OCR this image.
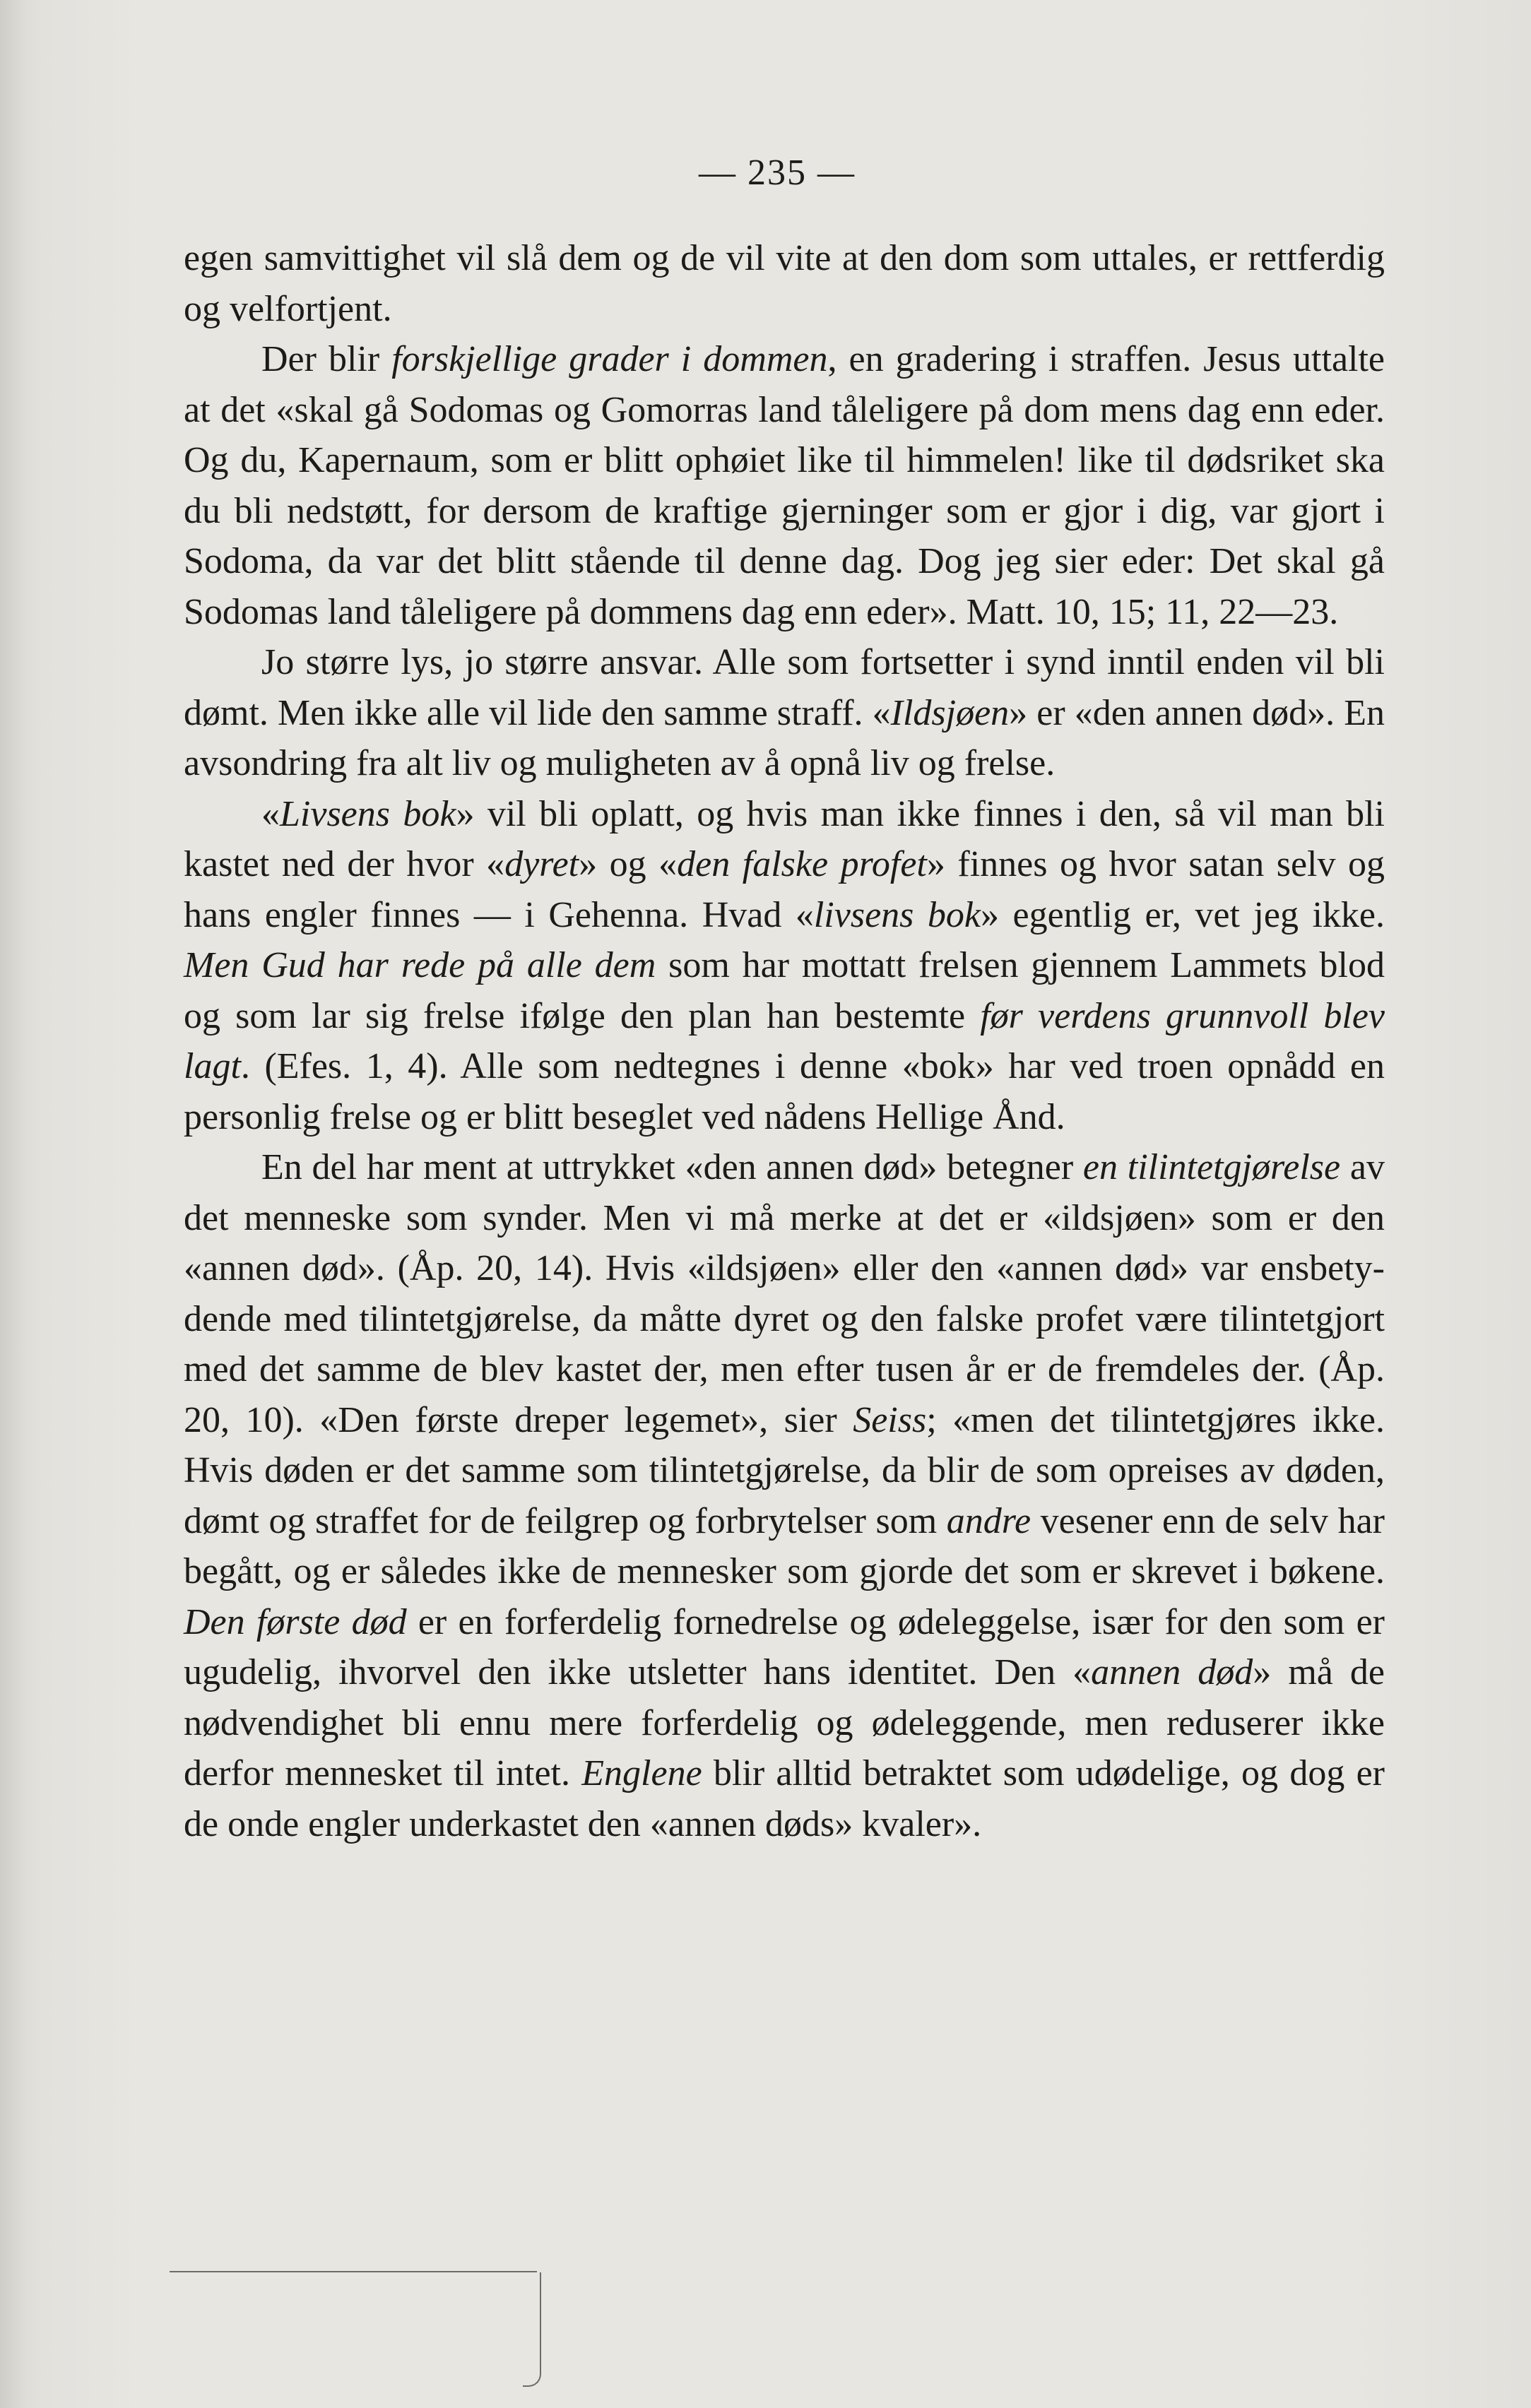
— 235 —

egen samvittighet vil slå dem og de vil vite at den dom som uttales, er rettferdig og velfortjent.

Der blir forskjellige grader i dommen, en gradering i straffen. Jesus uttalte at det «skal gå Sodomas og Gomorras land tåleligere på dom mens dag enn eder. Og du, Kapernaum, som er blitt ophøiet like til himmelen! like til dødsriket ska du bli nedstøtt, for dersom de kraftige gjerninger som er gjor i dig, var gjort i Sodoma, da var det blitt stående til denne dag. Dog jeg sier eder: Det skal gå Sodomas land tåleligere på dommens dag enn eder». Matt. 10, 15; 11, 22—23.

Jo større lys, jo større ansvar. Alle som fortsetter i synd inntil enden vil bli dømt. Men ikke alle vil lide den samme straff. «Ildsjøen» er «den annen død». En avsondring fra alt liv og muligheten av å opnå liv og frelse.

«Livsens bok» vil bli oplatt, og hvis man ikke finnes i den, så vil man bli kastet ned der hvor «dyret» og «den falske profet» finnes og hvor satan selv og hans engler finnes — i Gehenna. Hvad «livsens bok» egentlig er, vet jeg ikke. Men Gud har rede på alle dem som har mottatt frelsen gjennem Lammets blod og som lar sig frelse ifølge den plan han bestemte før verdens grunnvoll blev lagt. (Efes. 1, 4). Alle som nedtegnes i denne «bok» har ved troen opnådd en personlig frelse og er blitt beseglet ved nådens Hellige Ånd.

En del har ment at uttrykket «den annen død» betegner en tilintetgjørelse av det menneske som synder. Men vi må merke at det er «ildsjøen» som er den «annen død». (Åp. 20, 14). Hvis «ildsjøen» eller den «annen død» var ensbetydende med tilintetgjørelse, da måtte dyret og den falske profet være tilintetgjort med det samme de blev kastet der, men efter tusen år er de fremdeles der. (Åp. 20, 10). «Den første dreper legemet», sier Seiss; «men det tilintetgjøres ikke. Hvis døden er det samme som tilintetgjørelse, da blir de som opreises av døden, dømt og straffet for de feilgrep og forbrytelser som andre vesener enn de selv har begått, og er således ikke de mennesker som gjorde det som er skrevet i bøkene. Den første død er en forferdelig fornedrelse og ødeleggelse, især for den som er ugudelig, ihvorvel den ikke utsletter hans identitet. Den «annen død» må de nødvendighet bli ennu mere forferdelig og ødeleggende, men reduserer ikke derfor mennesket til intet. Englene blir alltid betraktet som udødelige, og dog er de onde engler underkastet den «annen døds» kvaler».
